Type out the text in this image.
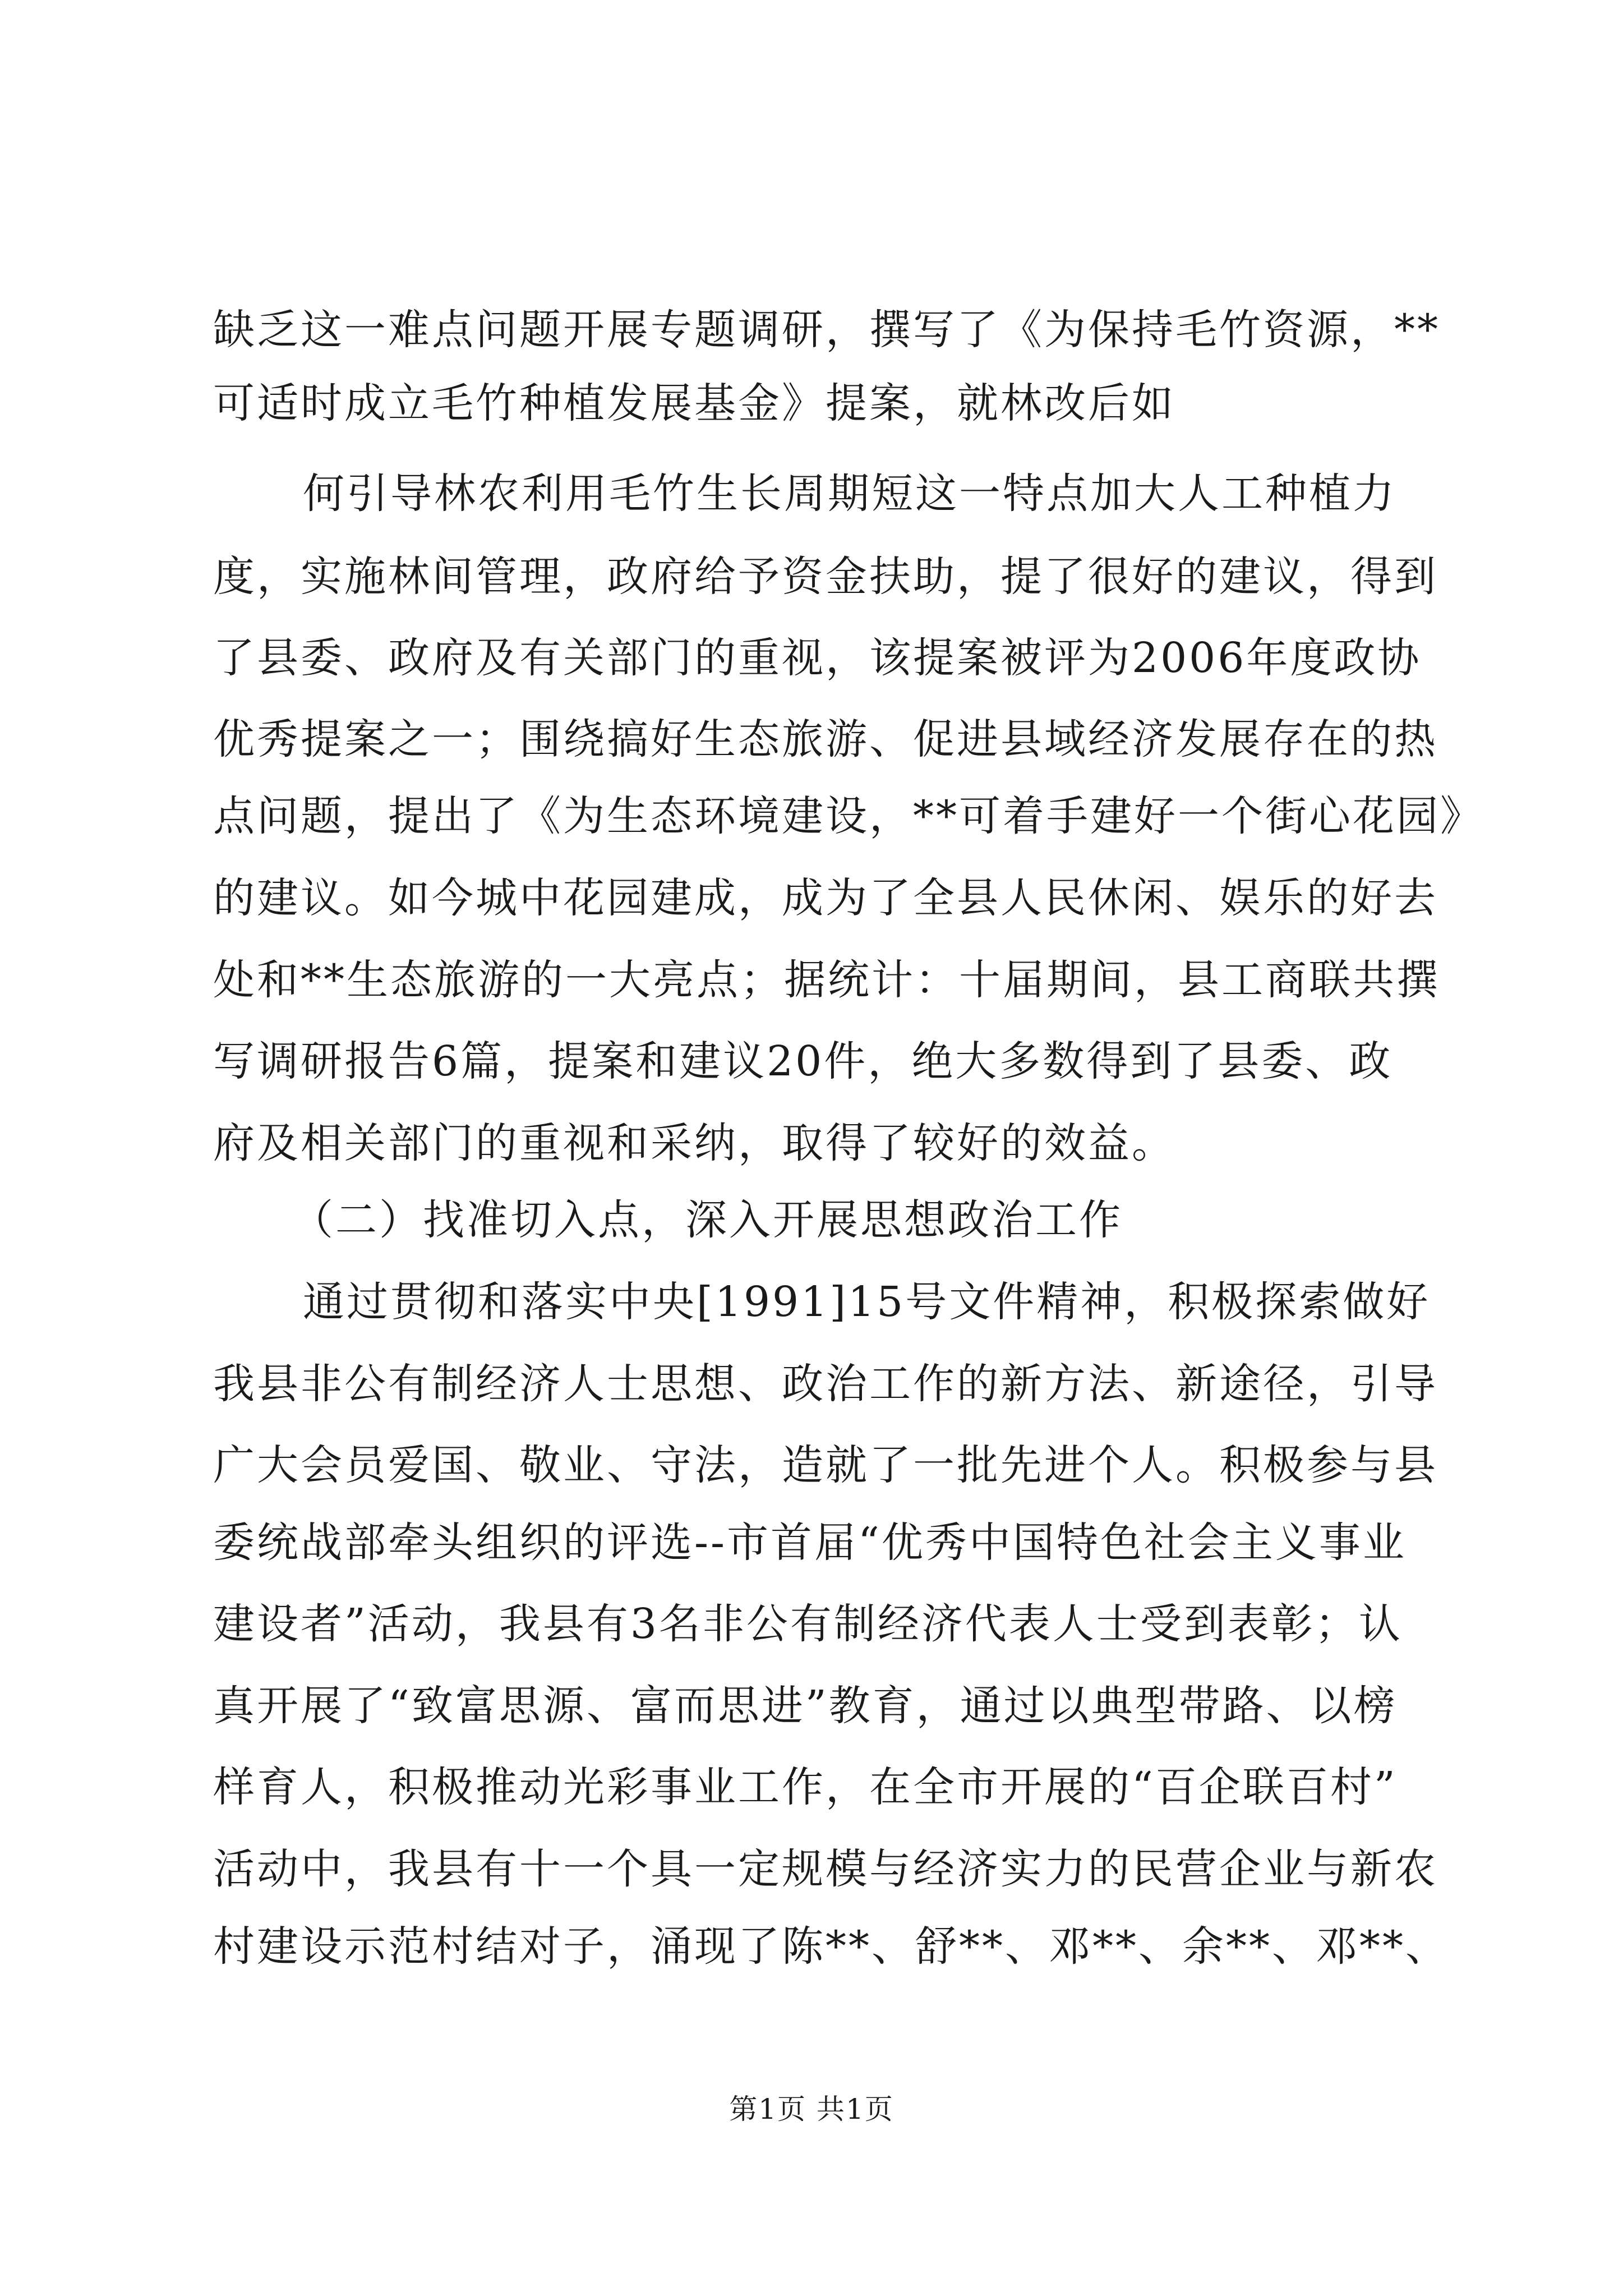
缺乏这一难点问题开展专题调研，撰写了《为保持毛竹资源，**
可适时成立毛竹种植发展基金》提案，就林改后如
何引导林农利用毛竹生长周期短这一特点加大人工种植力
度，实施林间管理，政府给予资金扶助，提了很好的建议，得到
了县委、政府及有关部门的重视，该提案被评为2006年度政协
优秀提案之一；围绕搞好生态旅游、促进县域经济发展存在的热
点问题，提出了《为生态环境建设，**可着手建好一个街心花园》
的建议。如今城中花园建成，成为了全县人民休闲、娱乐的好去
处和**生态旅游的一大亮点；据统计：十届期间，县工商联共撰
写调研报告6篇，提案和建议20件，绝大多数得到了县委、政
府及相关部门的重视和采纳，取得了较好的效益。
（二）找准切入点，深入开展思想政治工作
通过贯彻和落实中央[1991]15号文件精神，积极探索做好
我县非公有制经济人士思想、政治工作的新方法、新途径，引导
广大会员爱国、敬业、守法，造就了一批先进个人。积极参与县
委统战部牵头组织的评选--市首届“优秀中国特色社会主义事业
建设者”活动，我县有3名非公有制经济代表人士受到表彰；认
真开展了“致富思源、富而思进”教育，通过以典型带路、以榜
样育人，积极推动光彩事业工作，在全市开展的“百企联百村”
活动中，我县有十一个具一定规模与经济实力的民营企业与新农
村建设示范村结对子，涌现了陈**、舒**、邓**、余**、邓**、
第1页 共1页
